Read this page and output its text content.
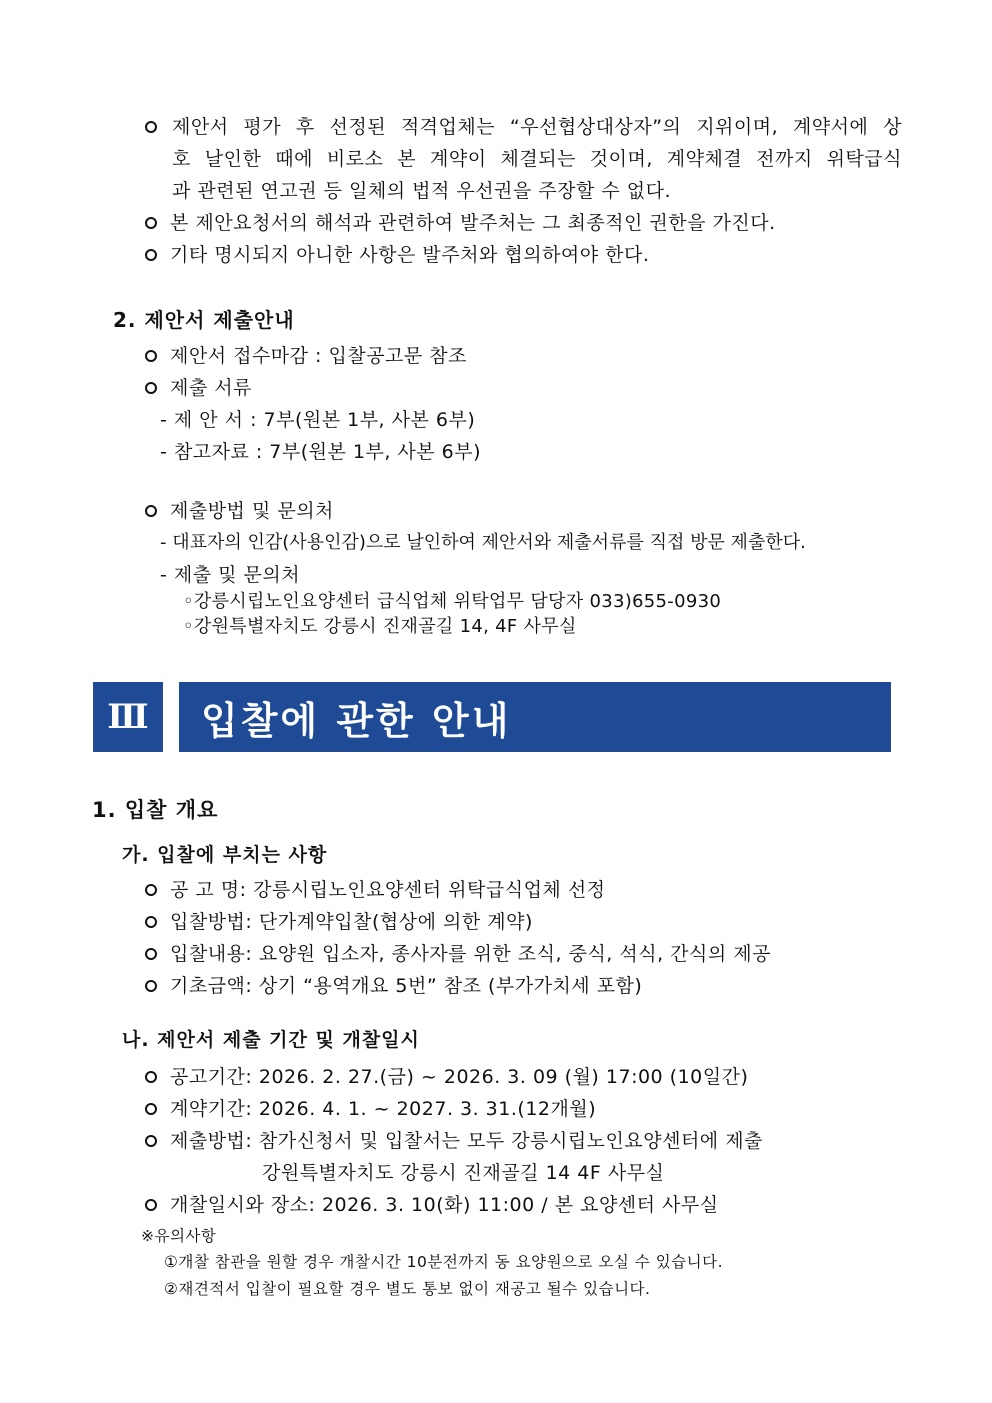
제안서 평가 후 선정된 적격업체는 “우선협상대상자”의 지위이며, 계약서에 상
호 날인한 때에 비로소 본 계약이 체결되는 것이며, 계약체결 전까지 위탁급식
과 관련된 연고권 등 일체의 법적 우선권을 주장할 수 없다.
본 제안요청서의 해석과 관련하여 발주처는 그 최종적인 권한을 가진다.
기타 명시되지 아니한 사항은 발주처와 협의하여야 한다.
2. 제안서 제출안내
제안서 접수마감 : 입찰공고문 참조
제출 서류
- 제 안 서 : 7부(원본 1부, 사본 6부)
- 참고자료 : 7부(원본 1부, 사본 6부)
제출방법 및 문의처
- 대표자의 인감(사용인감)으로 날인하여 제안서와 제출서류를 직접 방문 제출한다.
- 제출 및 문의처
◦강릉시립노인요양센터 급식업체 위탁업무 담당자 033)655-0930
◦강원특별자치도 강릉시 진재골길 14, 4F 사무실
Ⅲ	입찰에 관한 안내
1. 입찰 개요
가. 입찰에 부치는 사항
공 고 명: 강릉시립노인요양센터 위탁급식업체 선정
입찰방법: 단가계약입찰(협상에 의한 계약)
입찰내용: 요양원 입소자, 종사자를 위한 조식, 중식, 석식, 간식의 제공
기초금액: 상기 “용역개요 5번” 참조 (부가가치세 포함)
나. 제안서 제출 기간 및 개찰일시
공고기간: 2026. 2. 27.(금) ~ 2026. 3. 09 (월) 17:00 (10일간)
계약기간: 2026. 4. 1. ~ 2027. 3. 31.(12개월)
제출방법: 참가신청서 및 입찰서는 모두 강릉시립노인요양센터에 제출
강원특별자치도 강릉시 진재골길 14 4F 사무실
개찰일시와 장소: 2026. 3. 10(화) 11:00 / 본 요양센터 사무실
※유의사항
①개찰 참관을 원할 경우 개찰시간 10분전까지 동 요양원으로 오실 수 있습니다.
②재견적서 입찰이 필요할 경우 별도 통보 없이 재공고 될수 있습니다.
